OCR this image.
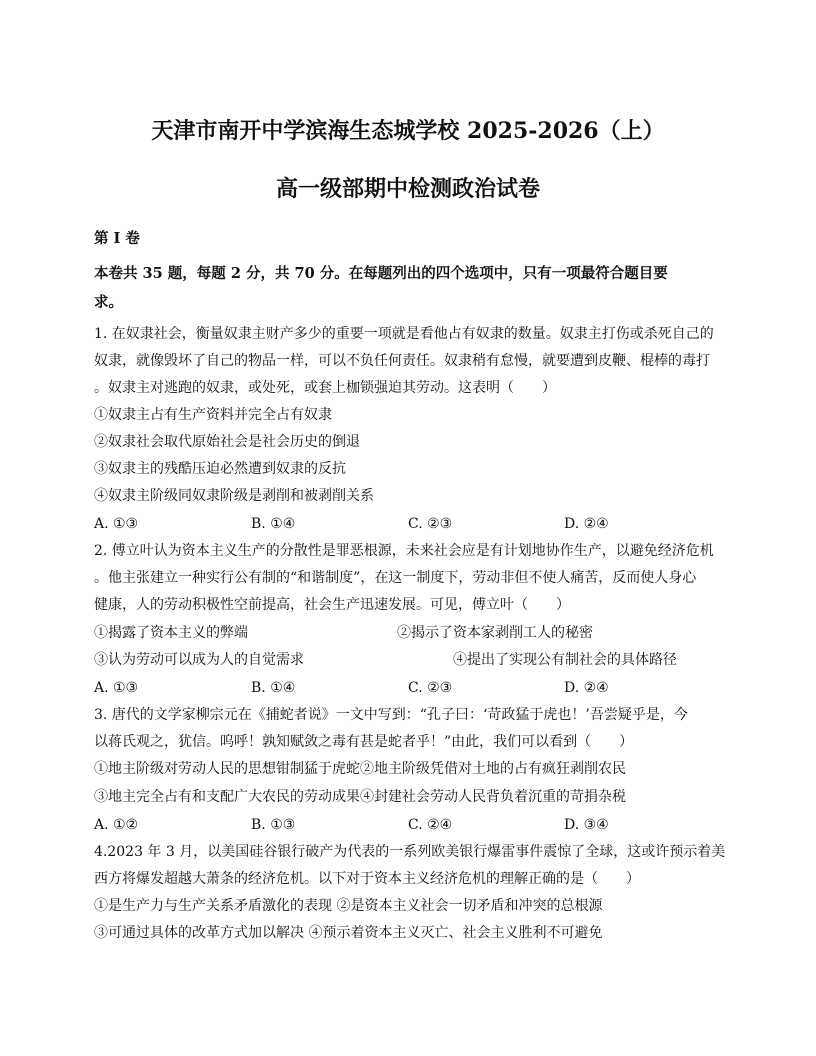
天津市南开中学滨海生态城学校 2025-2026（上）
高一级部期中检测政治试卷
第 I 卷
本卷共 35 题，每题 2 分，共 70 分。在每题列出的四个选项中，只有一项最符合题目要
求。
1. 在奴隶社会，衡量奴隶主财产多少的重要一项就是看他占有奴隶的数量。奴隶主打伤或杀死自己的
奴隶，就像毁坏了自己的物品一样，可以不负任何责任。奴隶稍有怠慢，就要遭到皮鞭、棍棒的毒打
。奴隶主对逃跑的奴隶，或处死，或套上枷锁强迫其劳动。这表明（　　）
①奴隶主占有生产资料并完全占有奴隶
②奴隶社会取代原始社会是社会历史的倒退
③奴隶主的残酷压迫必然遭到奴隶的反抗
④奴隶主阶级同奴隶阶级是剥削和被剥削关系
A. ①③	B. ①④	C. ②③	D. ②④
2. 傅立叶认为资本主义生产的分散性是罪恶根源，未来社会应是有计划地协作生产，以避免经济危机
。他主张建立一种实行公有制的“和谐制度”，在这一制度下，劳动非但不使人痛苦，反而使人身心
健康，人的劳动积极性空前提高，社会生产迅速发展。可见，傅立叶（　　）
①揭露了资本主义的弊端	②揭示了资本家剥削工人的秘密
③认为劳动可以成为人的自觉需求	④提出了实现公有制社会的具体路径
A. ①③	B. ①④	C. ②③	D. ②④
3. 唐代的文学家柳宗元在《捕蛇者说》一文中写到：“孔子曰：‘苛政猛于虎也！’吾尝疑乎是，今
以蒋氏观之，犹信。呜呼！孰知赋敛之毒有甚是蛇者乎！”由此，我们可以看到（　　）
①地主阶级对劳动人民的思想钳制猛于虎蛇②地主阶级凭借对土地的占有疯狂剥削农民
③地主完全占有和支配广大农民的劳动成果④封建社会劳动人民背负着沉重的苛捐杂税
A. ①②	B. ①③	C. ②④	D. ③④
4.2023 年 3 月，以美国硅谷银行破产为代表的一系列欧美银行爆雷事件震惊了全球，这或许预示着美
西方将爆发超越大萧条的经济危机。以下对于资本主义经济危机的理解正确的是（　　）
①是生产力与生产关系矛盾激化的表现 ②是资本主义社会一切矛盾和冲突的总根源
③可通过具体的改革方式加以解决 ④预示着资本主义灭亡、社会主义胜利不可避免
